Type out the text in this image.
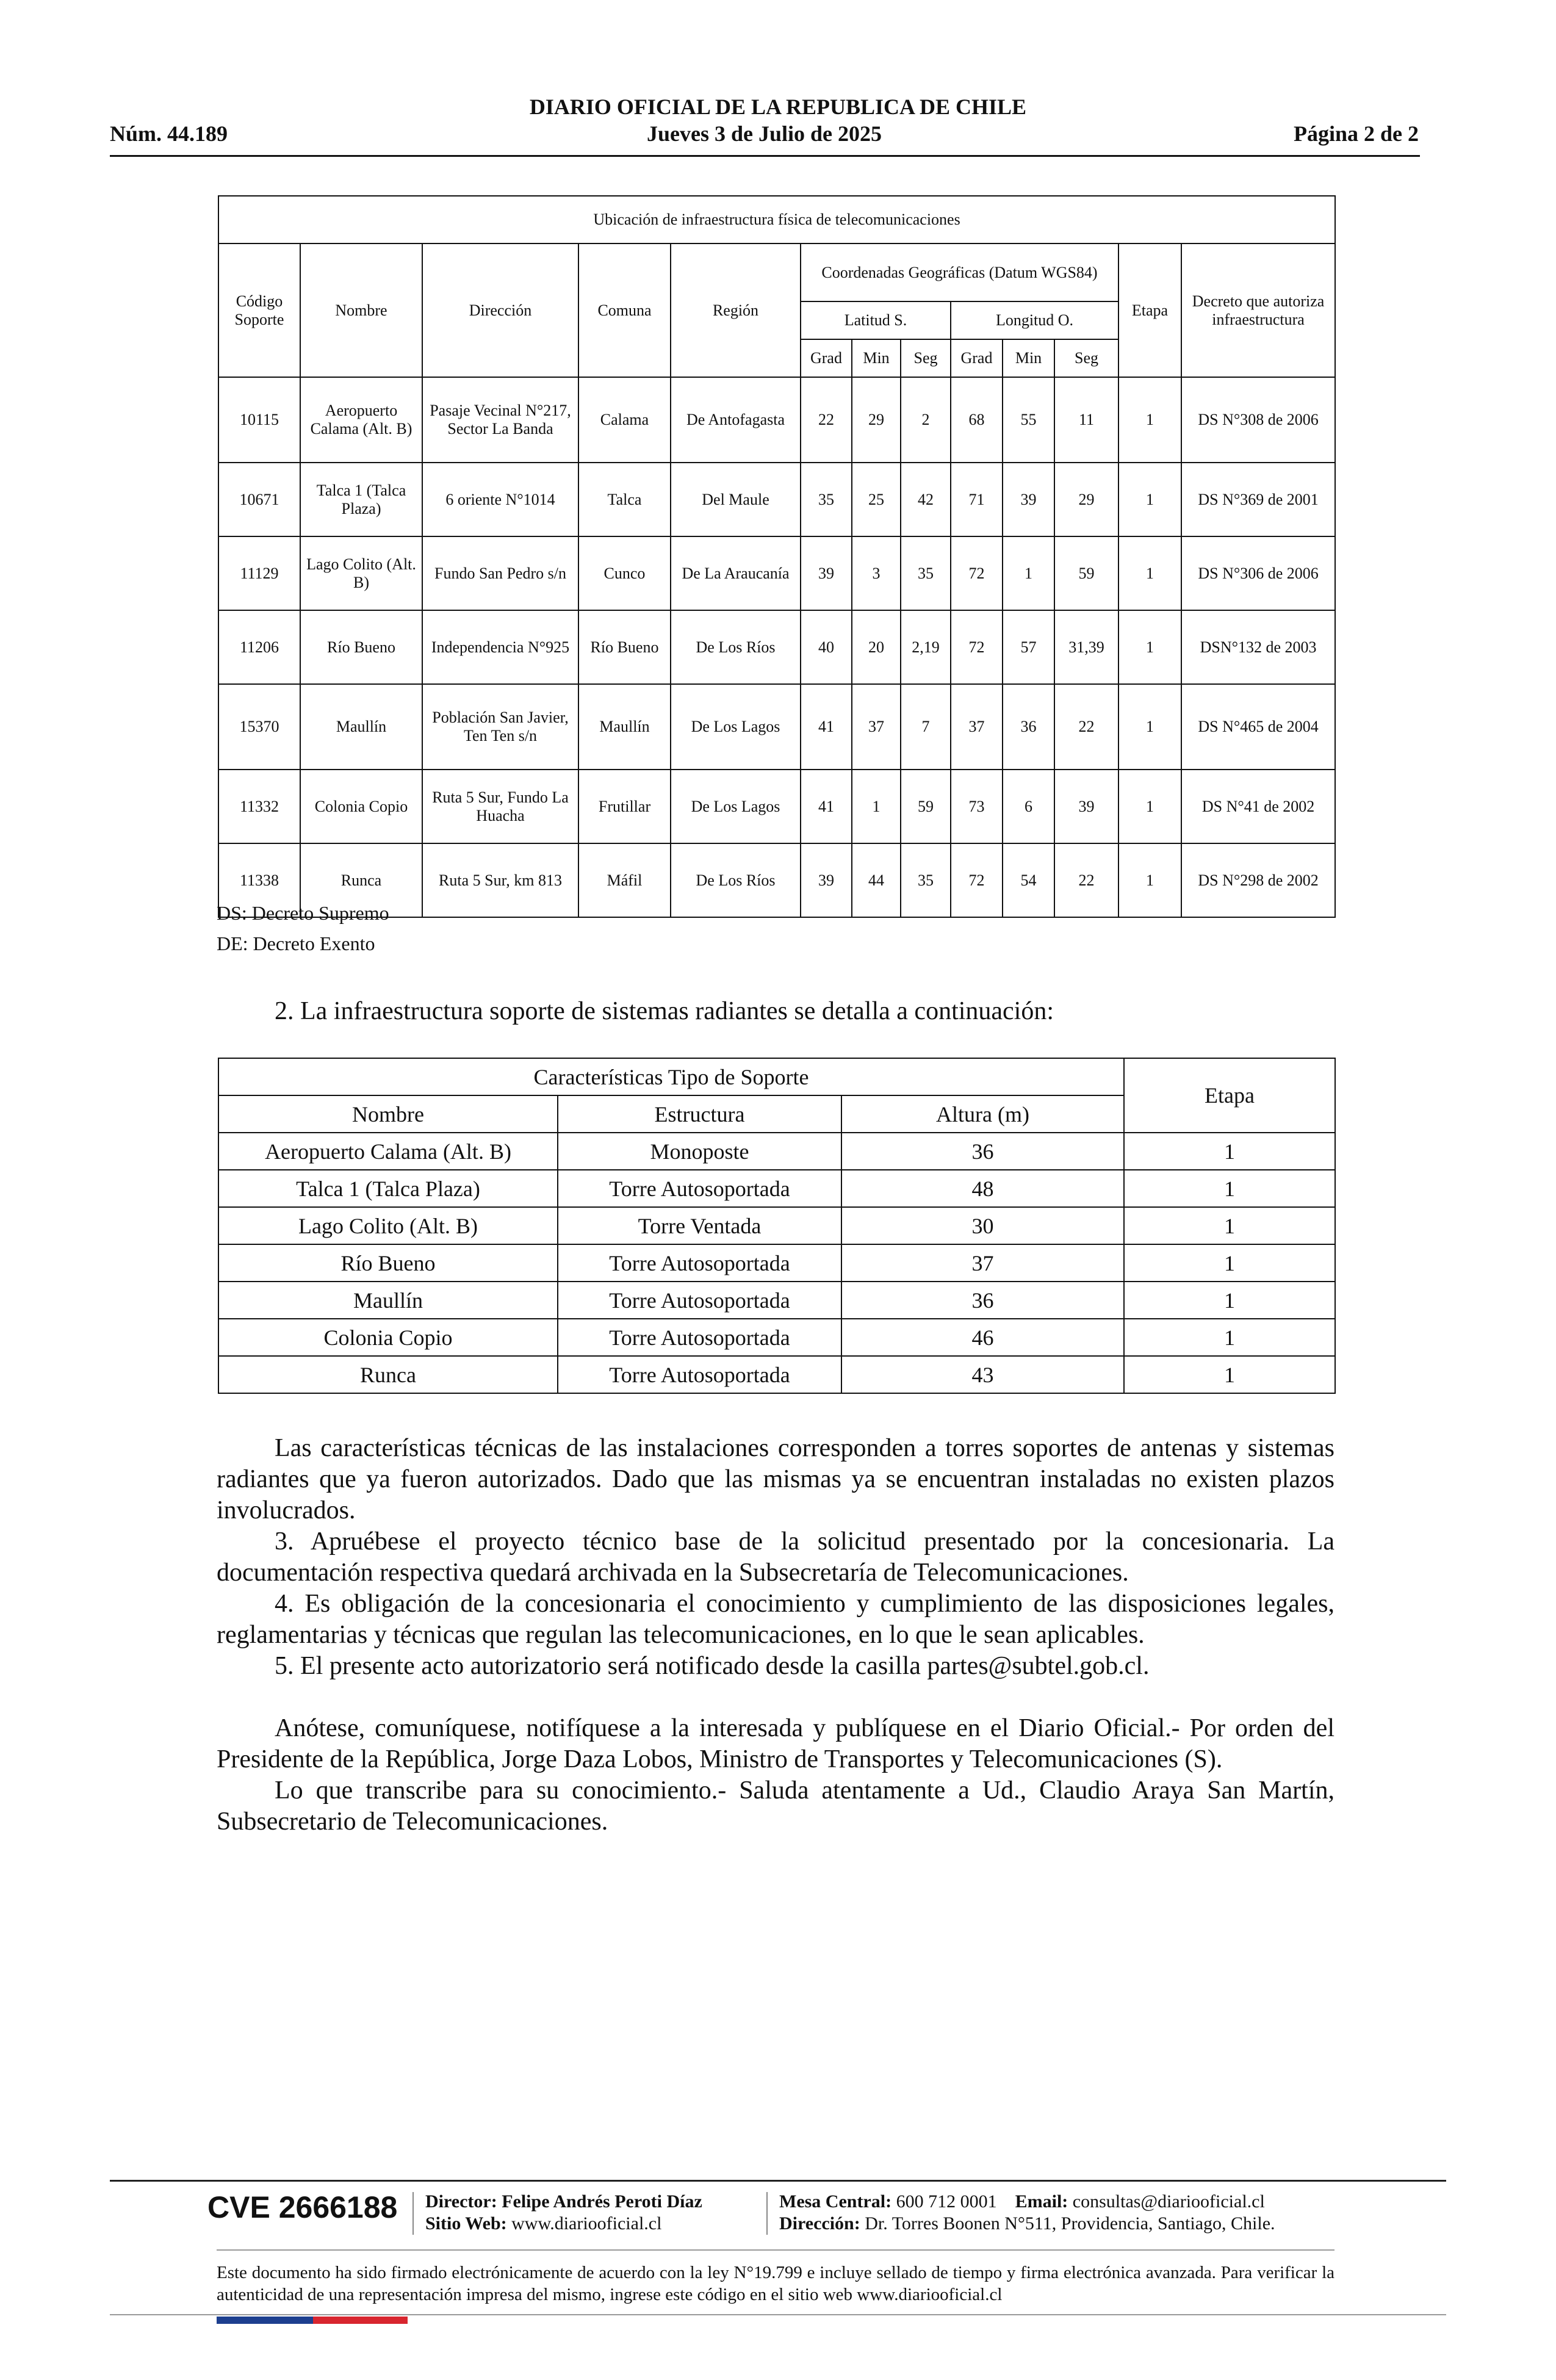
DIARIO OFICIAL DE LA REPUBLICA DE CHILE
Núm. 44.189	Jueves 3 de Julio de 2025	Página 2 de 2
Ubicación de infraestructura física de telecomunicaciones												
Código Soporte	Nombre	Dirección	Comuna	Región	Coordenadas Geográficas (Datum WGS84)						Etapa	Decreto que autoriza infraestructura
					Latitud S.			Longitud O.				
					Grad	Min	Seg	Grad	Min	Seg		
10115	Aeropuerto Calama (Alt. B)	Pasaje Vecinal N°217, Sector La Banda	Calama	De Antofagasta	22	29	2	68	55	11	1	DS N°308 de 2006
10671	Talca 1 (Talca Plaza)	6 oriente N°1014	Talca	Del Maule	35	25	42	71	39	29	1	DS N°369 de 2001
11129	Lago Colito (Alt. B)	Fundo San Pedro s/n	Cunco	De La Araucanía	39	3	35	72	1	59	1	DS N°306 de 2006
11206	Río Bueno	Independencia N°925	Río Bueno	De Los Ríos	40	20	2,19	72	57	31,39	1	DSN°132 de 2003
15370	Maullín	Población San Javier, Ten Ten s/n	Maullín	De Los Lagos	41	37	7	37	36	22	1	DS N°465 de 2004
11332	Colonia Copio	Ruta 5 Sur, Fundo La Huacha	Frutillar	De Los Lagos	41	1	59	73	6	39	1	DS N°41 de 2002
11338	Runca	Ruta 5 Sur, km 813	Máfil	De Los Ríos	39	44	35	72	54	22	1	DS N°298 de 2002
DS: Decreto Supremo
DE: Decreto Exento

2. La infraestructura soporte de sistemas radiantes se detalla a continuación:

Características Tipo de Soporte			Etapa
Nombre	Estructura	Altura (m)	
Aeropuerto Calama (Alt. B)	Monoposte	36	1
Talca 1 (Talca Plaza)	Torre Autosoportada	48	1
Lago Colito (Alt. B)	Torre Ventada	30	1
Río Bueno	Torre Autosoportada	37	1
Maullín	Torre Autosoportada	36	1
Colonia Copio	Torre Autosoportada	46	1
Runca	Torre Autosoportada	43	1

Las características técnicas de las instalaciones corresponden a torres soportes de antenas y sistemas radiantes que ya fueron autorizados. Dado que las mismas ya se encuentran instaladas no existen plazos involucrados.

3. Apruébese el proyecto técnico base de la solicitud presentado por la concesionaria. La documentación respectiva quedará archivada en la Subsecretaría de Telecomunicaciones.

4. Es obligación de la concesionaria el conocimiento y cumplimiento de las disposiciones legales, reglamentarias y técnicas que regulan las telecomunicaciones, en lo que le sean aplicables.

5. El presente acto autorizatorio será notificado desde la casilla partes@subtel.gob.cl.

Anótese, comuníquese, notifíquese a la interesada y publíquese en el Diario Oficial.- Por orden del Presidente de la República, Jorge Daza Lobos, Ministro de Transportes y Telecomunicaciones (S).

Lo que transcribe para su conocimiento.- Saluda atentamente a Ud., Claudio Araya San Martín, Subsecretario de Telecomunicaciones.

CVE 2666188 Director: Felipe Andrés Peroti Díaz
Sitio Web: www.diariooficial.cl
Mesa Central: 600 712 0001 Email: consultas@diariooficial.cl
Dirección: Dr. Torres Boonen N°511, Providencia, Santiago, Chile.
Este documento ha sido firmado electrónicamente de acuerdo con la ley N°19.799 e incluye sellado de tiempo y firma electrónica avanzada. Para verificar la autenticidad de una representación impresa del mismo, ingrese este código en el sitio web www.diariooficial.cl
